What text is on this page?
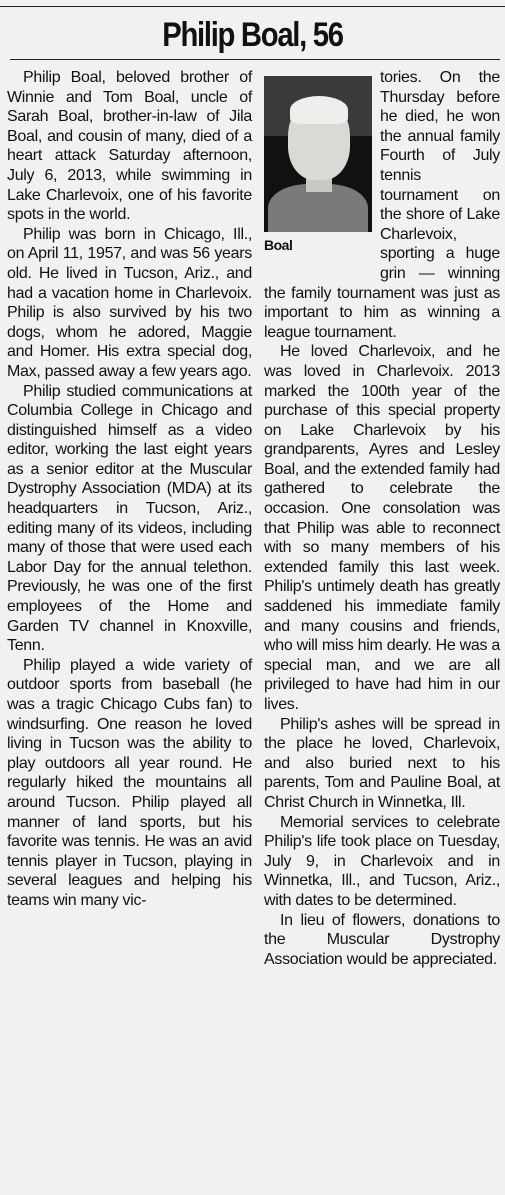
Philip Boal, 56

Philip Boal, beloved brother of Winnie and Tom Boal, uncle of Sarah Boal, brother-in-law of Jila Boal, and cousin of many, died of a heart attack Saturday afternoon, July 6, 2013, while swimming in Lake Charlevoix, one of his favorite spots in the world.

Philip was born in Chicago, Ill., on April 11, 1957, and was 56 years old. He lived in Tucson, Ariz., and had a vacation home in Charlevoix. Philip is also survived by his two dogs, whom he adored, Maggie and Homer. His extra special dog, Max, passed away a few years ago.

Philip studied communications at Columbia College in Chicago and distinguished himself as a video editor, working the last eight years as a senior editor at the Muscular Dystrophy Association (MDA) at its headquarters in Tucson, Ariz., editing many of its videos, including many of those that were used each Labor Day for the annual telethon. Previously, he was one of the first employees of the Home and Garden TV channel in Knoxville, Tenn.

Philip played a wide variety of outdoor sports from baseball (he was a tragic Chicago Cubs fan) to windsurfing. One reason he loved living in Tucson was the ability to play outdoors all year round. He regularly hiked the mountains all around Tucson. Philip played all manner of land sports, but his favorite was tennis. He was an avid tennis player in Tucson, playing in several leagues and helping his teams win many vic-

Boal

tories. On the Thursday before he died, he won the annual family Fourth of July tennis tournament on the shore of Lake Charlevoix, sporting a huge grin — winning the family tournament was just as important to him as winning a league tournament.

He loved Charlevoix, and he was loved in Charlevoix. 2013 marked the 100th year of the purchase of this special property on Lake Charlevoix by his grandparents, Ayres and Lesley Boal, and the extended family had gathered to celebrate the occasion. One consolation was that Philip was able to reconnect with so many members of his extended family this last week. Philip's untimely death has greatly saddened his immediate family and many cousins and friends, who will miss him dearly. He was a special man, and we are all privileged to have had him in our lives.

Philip's ashes will be spread in the place he loved, Charlevoix, and also buried next to his parents, Tom and Pauline Boal, at Christ Church in Winnetka, Ill.

Memorial services to celebrate Philip's life took place on Tuesday, July 9, in Charlevoix and in Winnetka, Ill., and Tucson, Ariz., with dates to be determined.

In lieu of flowers, donations to the Muscular Dystrophy Association would be appreciated.
